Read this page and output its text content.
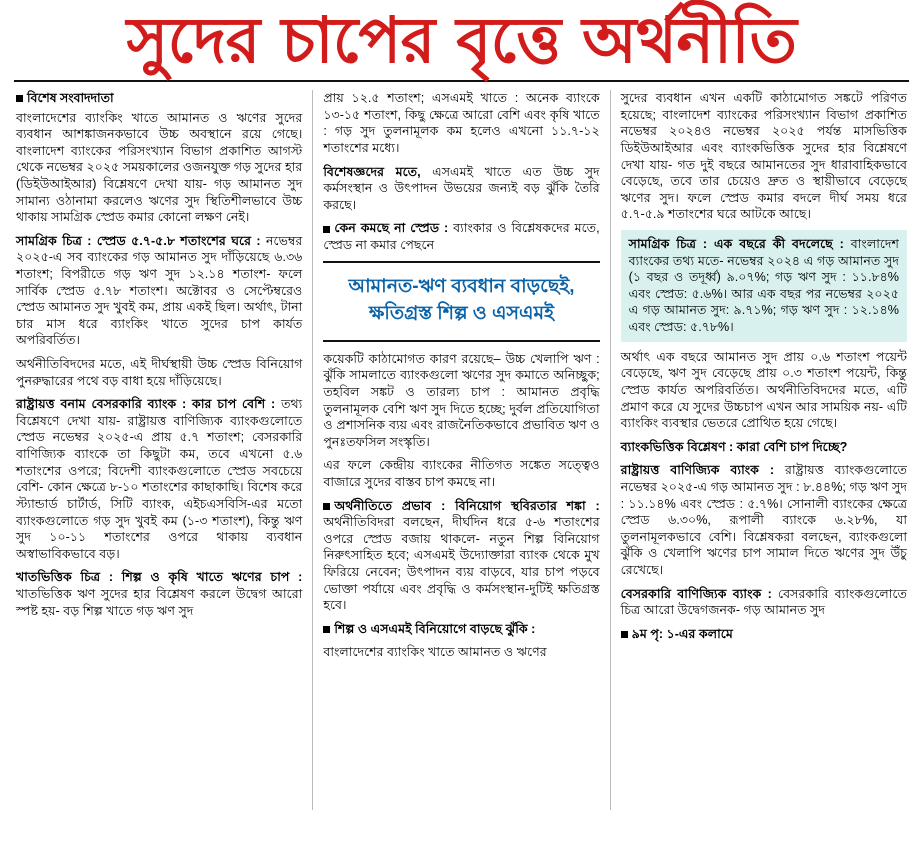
সুদের চাপের বৃত্তে অর্থনীতি
বিশেষ সংবাদদাতা

বাংলাদেশের ব্যাংকিং খাতে আমানত ও ঋণের সুদের ব্যবধান আশঙ্কাজনকভাবে উচ্চ অবস্থানে রয়ে গেছে। বাংলাদেশ ব্যাংকের পরিসংখ্যান বিভাগ প্রকাশিত আগস্ট থেকে নভেম্বর ২০২৫ সময়কালের ওজনযুক্ত গড় সুদের হার (ডিইউআইআর) বিশ্লেষণে দেখা যায়- গড় আমানত সুদ সামান্য ওঠানামা করলেও ঋণের সুদ স্থিতিশীলভাবে উচ্চ থাকায় সামগ্রিক স্প্রেড কমার কোনো লক্ষণ নেই।

সামগ্রিক চিত্র : স্প্রেড ৫.৭-৫.৮ শতাংশের ঘরে : নভেম্বর ২০২৫-এ সব ব্যাংকের গড় আমানত সুদ দাঁড়িয়েছে ৬.৩৬ শতাংশ; বিপরীতে গড় ঋণ সুদ ১২.১৪ শতাংশ- ফলে সার্বিক স্প্রেড ৫.৭৮ শতাংশ। অক্টোবর ও সেপ্টেম্বরেও স্প্রেড আমানত সুদ খুবই কম, প্রায় একই ছিল। অর্থাৎ, টানা চার মাস ধরে ব্যাংকিং খাতে সুদের চাপ কার্যত অপরিবর্তিত।

অর্থনীতিবিদদের মতে, এই দীর্ঘস্থায়ী উচ্চ স্প্রেড বিনিয়োগ পুনরুদ্ধারের পথে বড় বাধা হয়ে দাঁড়িয়েছে।

রাষ্ট্রায়ত্ত বনাম বেসরকারি ব্যাংক : কার চাপ বেশি : তথ্য বিশ্লেষণে দেখা যায়- রাষ্ট্রায়ত্ত বাণিজ্যিক ব্যাংকগুলোতে স্প্রেড নভেম্বর ২০২৫-এ প্রায় ৫.৭ শতাংশ; বেসরকারি বাণিজ্যিক ব্যাংকে তা কিছুটা কম, তবে এখনো ৫.৬ শতাংশের ওপরে; বিদেশী ব্যাংকগুলোতে স্প্রেড সবচেয়ে বেশি- কোন ক্ষেত্রে ৮-১০ শতাংশের কাছাকাছি। বিশেষ করে স্ট্যান্ডার্ড চার্টার্ড, সিটি ব্যাংক, এইচএসবিসি-এর মতো ব্যাংকগুলোতে গড় সুদ খুবই কম (১-৩ শতাংশ), কিন্তু ঋণ সুদ ১০-১১ শতাংশের ওপরে থাকায় ব্যবধান অস্বাভাবিকভাবে বড়।

খাতভিত্তিক চিত্র : শিল্প ও কৃষি খাতে ঋণের চাপ : খাতভিত্তিক ঋণ সুদের হার বিশ্লেষণ করলে উদ্বেগ আরো স্পষ্ট হয়- বড় শিল্প খাতে গড় ঋণ সুদ

প্রায় ১২.৫ শতাংশ; এসএমই খাতে : অনেক ব্যাংকে ১৩-১৫ শতাংশ, কিছু ক্ষেত্রে আরো বেশি এবং কৃষি খাতে : গড় সুদ তুলনামূলক কম হলেও এখনো ১১.৭-১২ শতাংশের মধ্যে।

বিশেষজ্ঞদের মতে, এসএমই খাতে এত উচ্চ সুদ কর্মসংস্থান ও উৎপাদন উভয়ের জন্যই বড় ঝুঁকি তৈরি করছে।

কেন কমছে না স্প্রেড : ব্যাংকার ও বিশ্লেষকদের মতে, স্প্রেড না কমার পেছনে

আমানত-ঋণ ব্যবধান বাড়ছেই, ক্ষতিগ্রস্ত শিল্প ও এসএমই

কয়েকটি কাঠামোগত কারণ রয়েছে– উচ্চ খেলাপি ঋণ : ঝুঁকি সামলাতে ব্যাংকগুলো ঋণের সুদ কমাতে অনিচ্ছুক; তহবিল সঙ্কট ও তারল্য চাপ : আমানত প্রবৃদ্ধি তুলনামূলক বেশি ঋণ সুদ দিতে হচ্ছে; দুর্বল প্রতিযোগিতা ও প্রশাসনিক ব্যয় এবং রাজনৈতিকভাবে প্রভাবিত ঋণ ও পুনঃতফসিল সংস্কৃতি।

এর ফলে কেন্দ্রীয় ব্যাংকের নীতিগত সঙ্কেত সত্ত্বেও বাজারে সুদের বাস্তব চাপ কমছে না।

অর্থনীতিতে প্রভাব : বিনিয়োগ স্থবিরতার শঙ্কা : অর্থনীতিবিদরা বলছেন, দীর্ঘদিন ধরে ৫-৬ শতাংশের ওপরে স্প্রেড বজায় থাকলে- নতুন শিল্প বিনিয়োগ নিরুৎসাহিত হবে; এসএমই উদ্যোক্তারা ব্যাংক থেকে মুখ ফিরিয়ে নেবেন; উৎপাদন ব্যয় বাড়বে, যার চাপ পড়বে ভোক্তা পর্যায়ে এবং প্রবৃদ্ধি ও কর্মসংস্থান-দুটিই ক্ষতিগ্রস্ত হবে।

শিল্প ও এসএমই বিনিয়োগে বাড়ছে ঝুঁকি :

বাংলাদেশের ব্যাংকিং খাতে আমানত ও ঋণের

সুদের ব্যবধান এখন একটি কাঠামোগত সঙ্কটে পরিণত হয়েছে; বাংলাদেশ ব্যাংকের পরিসংখ্যান বিভাগ প্রকাশিত নভেম্বর ২০২৪ও নভেম্বর ২০২৫ পর্যন্ত মাসভিত্তিক ডিইউআইআর এবং ব্যাংকভিত্তিক সুদের হার বিশ্লেষণে দেখা যায়- গত দুই বছরে আমানতের সুদ ধারাবাহিকভাবে বেড়েছে, তবে তার চেয়েও দ্রুত ও স্থায়ীভাবে বেড়েছে ঋণের সুদ। ফলে স্প্রেড কমার বদলে দীর্ঘ সময় ধরে ৫.৭-৫.৯ শতাংশের ঘরে আটকে আছে।

সামগ্রিক চিত্র : এক বছরে কী বদলেছে : বাংলাদেশ ব্যাংকের তথ্য মতে- নভেম্বর ২০২৪ এ গড় আমানত সুদ (১ বছর ও তদূর্ধ্ব) ৯.০৭%; গড় ঋণ সুদ : ১১.৮৪% এবং স্প্রেড: ৫.৬%। আর এক বছর পর নভেম্বর ২০২৫ এ গড় আমানত সুদ: ৯.৭১%; গড় ঋণ সুদ : ১২.১৪% এবং স্প্রেড: ৫.৭৮%।

অর্থাৎ এক বছরে আমানত সুদ প্রায় ০.৬ শতাংশ পয়েন্ট বেড়েছে, ঋণ সুদ বেড়েছে প্রায় ০.৩ শতাংশ পয়েন্ট, কিন্তু স্প্রেড কার্যত অপরিবর্তিত। অর্থনীতিবিদদের মতে, এটি প্রমাণ করে যে সুদের উচ্চচাপ এখন আর সাময়িক নয়- এটি ব্যাংকিং ব্যবস্থার ভেতরে প্রোথিত হয়ে গেছে।

ব্যাংকভিত্তিক বিশ্লেষণ : কারা বেশি চাপ দিচ্ছে?

রাষ্ট্রায়ত্ত বাণিজ্যিক ব্যাংক : রাষ্ট্রায়ত্ত ব্যাংকগুলোতে নভেম্বর ২০২৫-এ গড় আমানত সুদ : ৮.৪৪%; গড় ঋণ সুদ : ১১.১৪% এবং স্প্রেড : ৫.৭%। সোনালী ব্যাংকের ক্ষেত্রে স্প্রেড ৬.৩০%, রূপালী ব্যাংকে ৬.২৮%, যা তুলনামূলকভাবে বেশি। বিশ্লেষকরা বলছেন, ব্যাংকগুলো ঝুঁকি ও খেলাপি ঋণের চাপ সামাল দিতে ঋণের সুদ উঁচু রেখেছে।

বেসরকারি বাণিজ্যিক ব্যাংক : বেসরকারি ব্যাংকগুলোতে চিত্র আরো উদ্বেগজনক- গড় আমানত সুদ

৯ম পৃ: ১-এর কলামে
